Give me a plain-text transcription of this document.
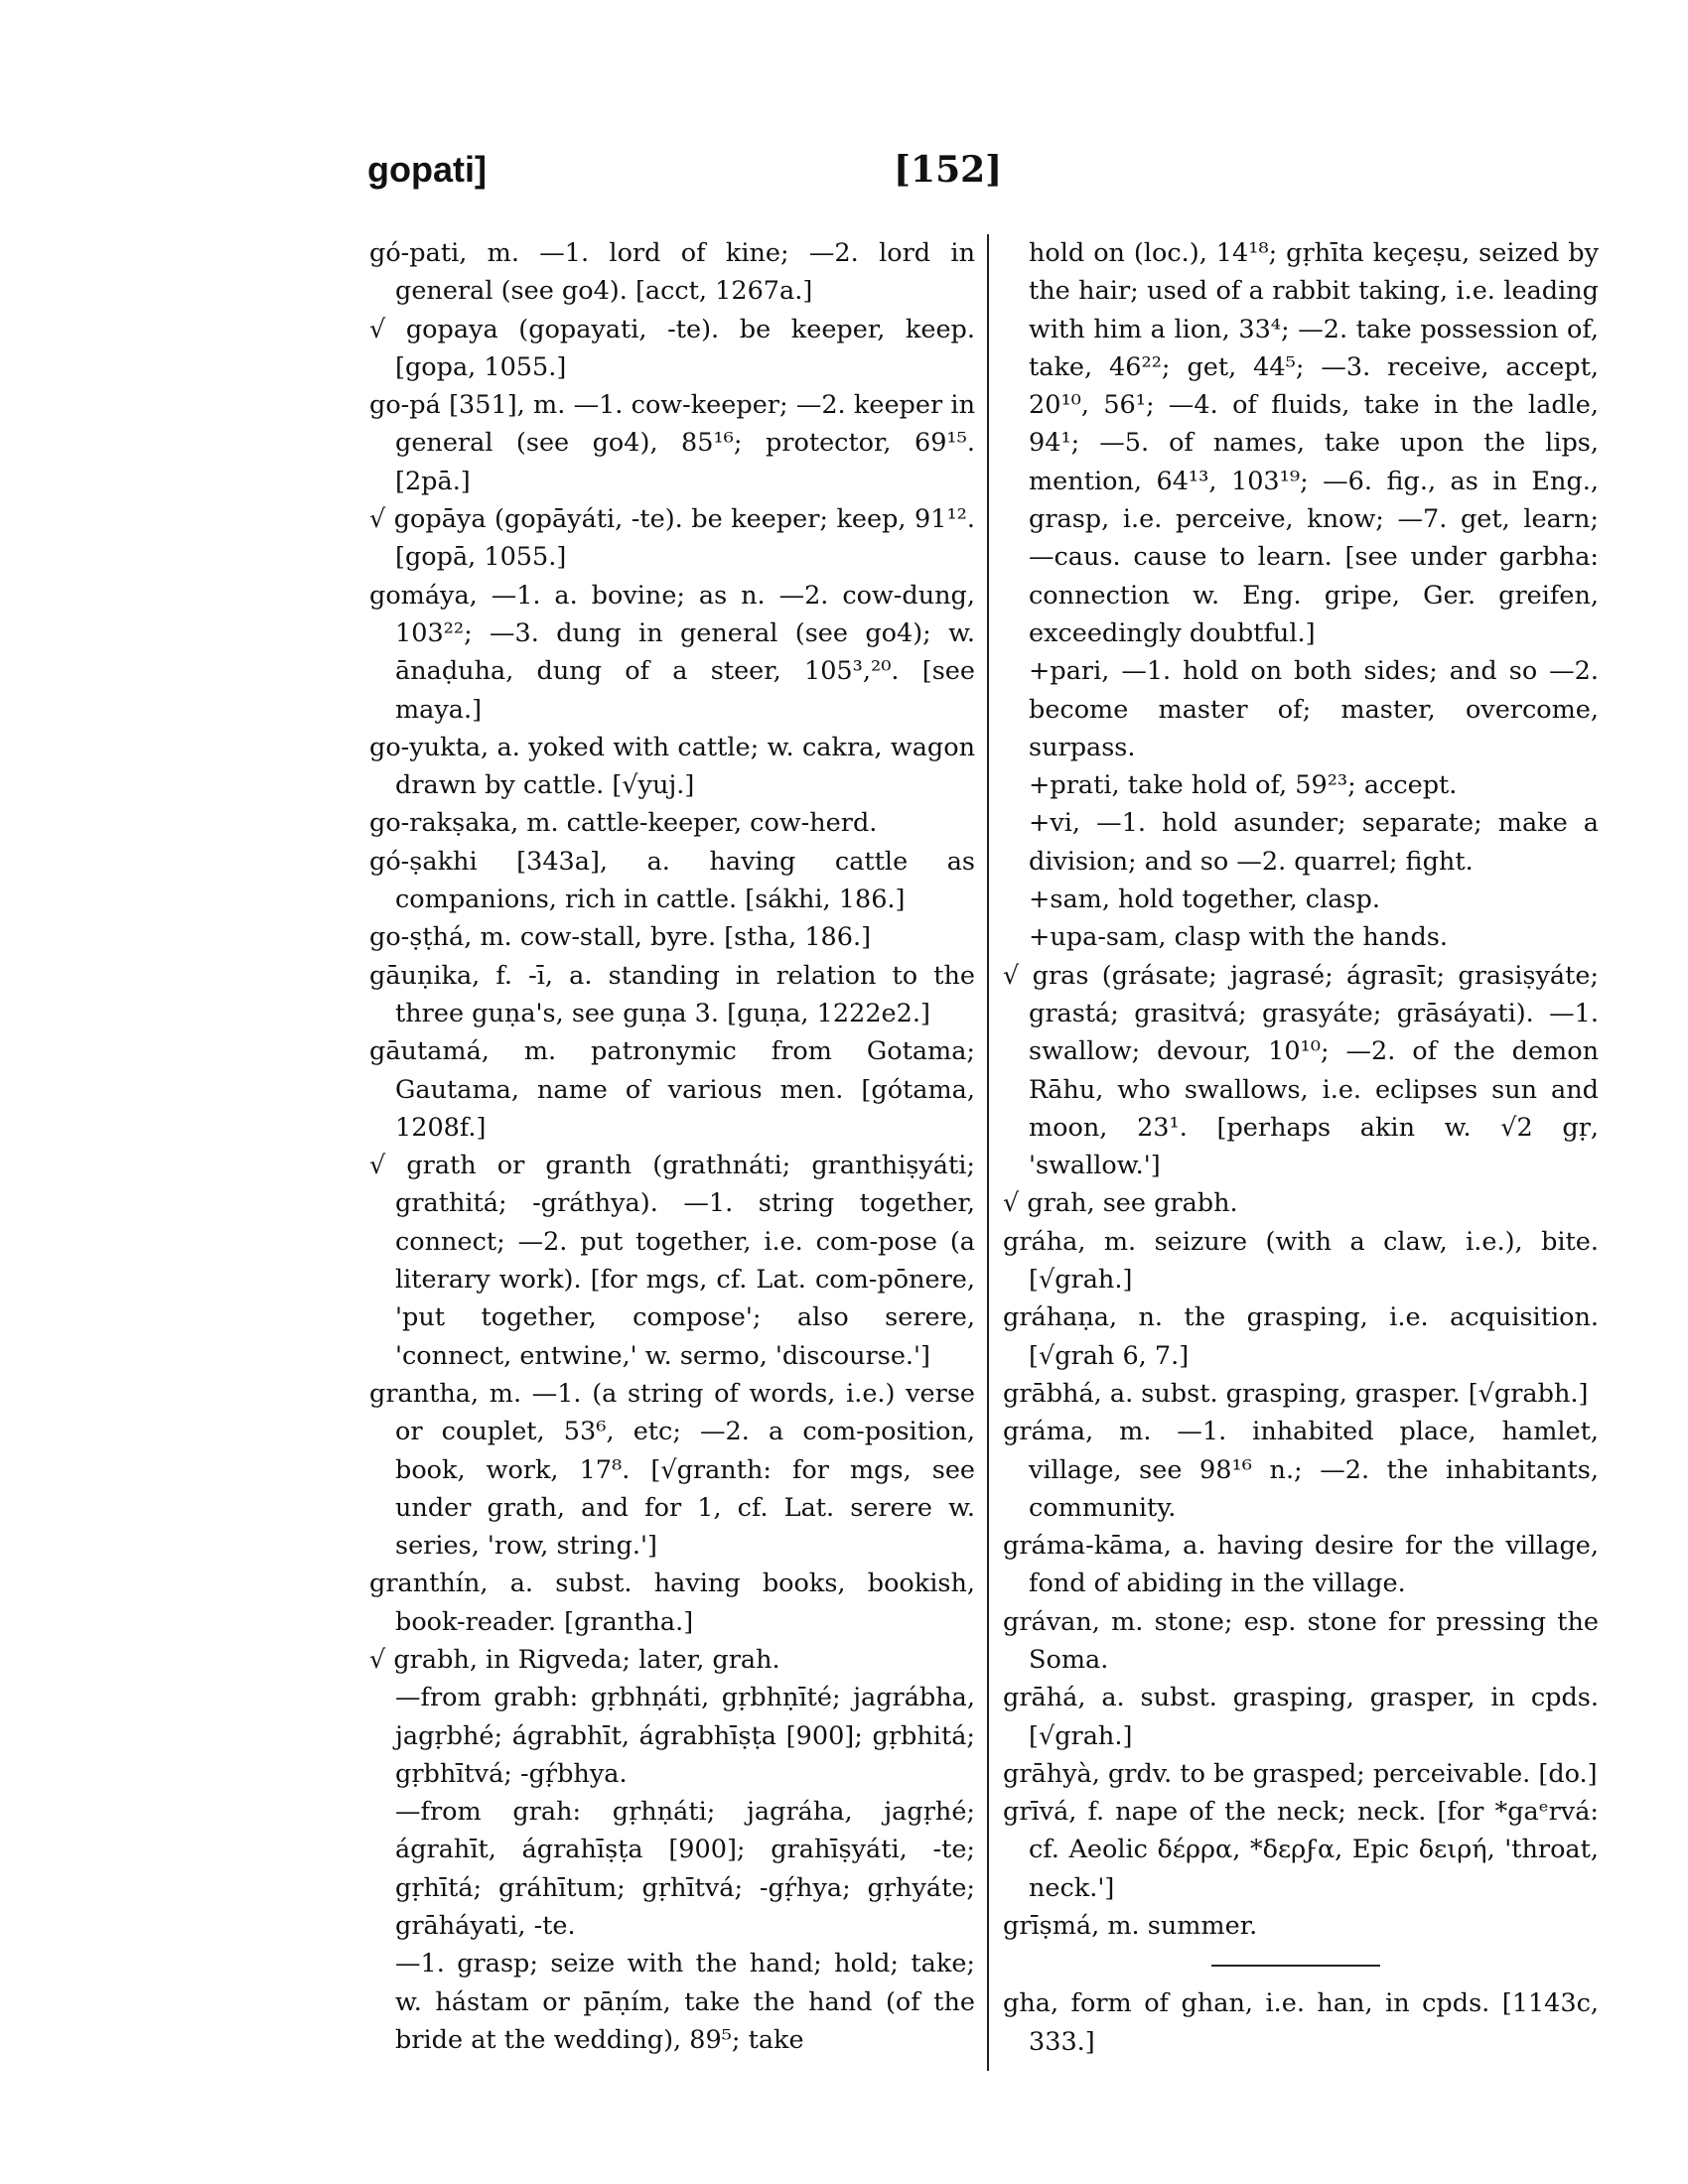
gopati]	[152]

gó-pati, m. —1. lord of kine; —2. lord in general (see go4). [acct, 1267a.]

√ gopaya (gopayati, -te). be keeper, keep. [gopa, 1055.]

go-pá [351], m. —1. cow-keeper; —2. keeper in general (see go4), 85¹⁶; protector, 69¹⁵. [2pā.]

√ gopāya (gopāyáti, -te). be keeper; keep, 91¹². [gopā, 1055.]

gomáya, —1. a. bovine; as n. —2. cow-dung, 103²²; —3. dung in general (see go4); w. ānaḍuha, dung of a steer, 105³,²⁰. [see maya.]

go-yukta, a. yoked with cattle; w. cakra, wagon drawn by cattle. [√yuj.]

go-rakṣaka, m. cattle-keeper, cow-herd.

gó-ṣakhi [343a], a. having cattle as companions, rich in cattle. [sákhi, 186.]

go-ṣṭhá, m. cow-stall, byre. [stha, 186.]

gāuṇika, f. -ī, a. standing in relation to the three guṇa's, see guṇa 3. [guṇa, 1222e2.]

gāutamá, m. patronymic from Gotama; Gautama, name of various men. [gótama, 1208f.]

√ grath or granth (grathnáti; granthiṣyáti; grathitá; -gráthya). —1. string together, connect; —2. put together, i.e. com-pose (a literary work). [for mgs, cf. Lat. com-pōnere, 'put together, compose'; also serere, 'connect, entwine,' w. sermo, 'discourse.']

grantha, m. —1. (a string of words, i.e.) verse or couplet, 53⁶, etc; —2. a com-position, book, work, 17⁸. [√granth: for mgs, see under grath, and for 1, cf. Lat. serere w. series, 'row, string.']

granthín, a. subst. having books, bookish, book-reader. [grantha.]

√ grabh, in Rigveda; later, grah.

—from grabh: gṛbhṇáti, gṛbhṇīté; jagrábha, jagṛbhé; ágrabhīt, ágrabhīṣṭa [900]; gṛbhitá; gṛbhītvá; -gṛ́bhya.

—from grah: gṛhṇáti; jagráha, jagṛhé; ágrahīt, ágrahīṣṭa [900]; grahīṣyáti, -te; gṛhītá; gráhītum; gṛhītvá; -gṛ́hya; gṛhyáte; grāháyati, -te.

—1. grasp; seize with the hand; hold; take; w. hástam or pāṇím, take the hand (of the bride at the wedding), 89⁵; take

hold on (loc.), 14¹⁸; gṛhīta keçeṣu, seized by the hair; used of a rabbit taking, i.e. leading with him a lion, 33⁴; —2. take possession of, take, 46²²; get, 44⁵; —3. receive, accept, 20¹⁰, 56¹; —4. of fluids, take in the ladle, 94¹; —5. of names, take upon the lips, mention, 64¹³, 103¹⁹; —6. fig., as in Eng., grasp, i.e. perceive, know; —7. get, learn; —caus. cause to learn. [see under garbha: connection w. Eng. gripe, Ger. greifen, exceedingly doubtful.]

+pari, —1. hold on both sides; and so —2. become master of; master, overcome, surpass.

+prati, take hold of, 59²³; accept.

+vi, —1. hold asunder; separate; make a division; and so —2. quarrel; fight.

+sam, hold together, clasp.

+upa-sam, clasp with the hands.

√ gras (grásate; jagrasé; ágrasīt; grasiṣyáte; grastá; grasitvá; grasyáte; grāsáyati). —1. swallow; devour, 10¹⁰; —2. of the demon Rāhu, who swallows, i.e. eclipses sun and moon, 23¹. [perhaps akin w. √2 gṛ, 'swallow.']

√ grah, see grabh.

gráha, m. seizure (with a claw, i.e.), bite. [√grah.]

gráhaṇa, n. the grasping, i.e. acquisition. [√grah 6, 7.]

grābhá, a. subst. grasping, grasper. [√grabh.]

gráma, m. —1. inhabited place, hamlet, village, see 98¹⁶ n.; —2. the inhabitants, community.

gráma-kāma, a. having desire for the village, fond of abiding in the village.

grávan, m. stone; esp. stone for pressing the Soma.

grāhá, a. subst. grasping, grasper, in cpds. [√grah.]

grāhyà, grdv. to be grasped; perceivable. [do.]

grīvá, f. nape of the neck; neck. [for *gaᵉrvá: cf. Aeolic δέρρα, *δερϝα, Epic δειρή, 'throat, neck.']

grīṣmá, m. summer.

gha, form of ghan, i.e. han, in cpds. [1143c, 333.]
